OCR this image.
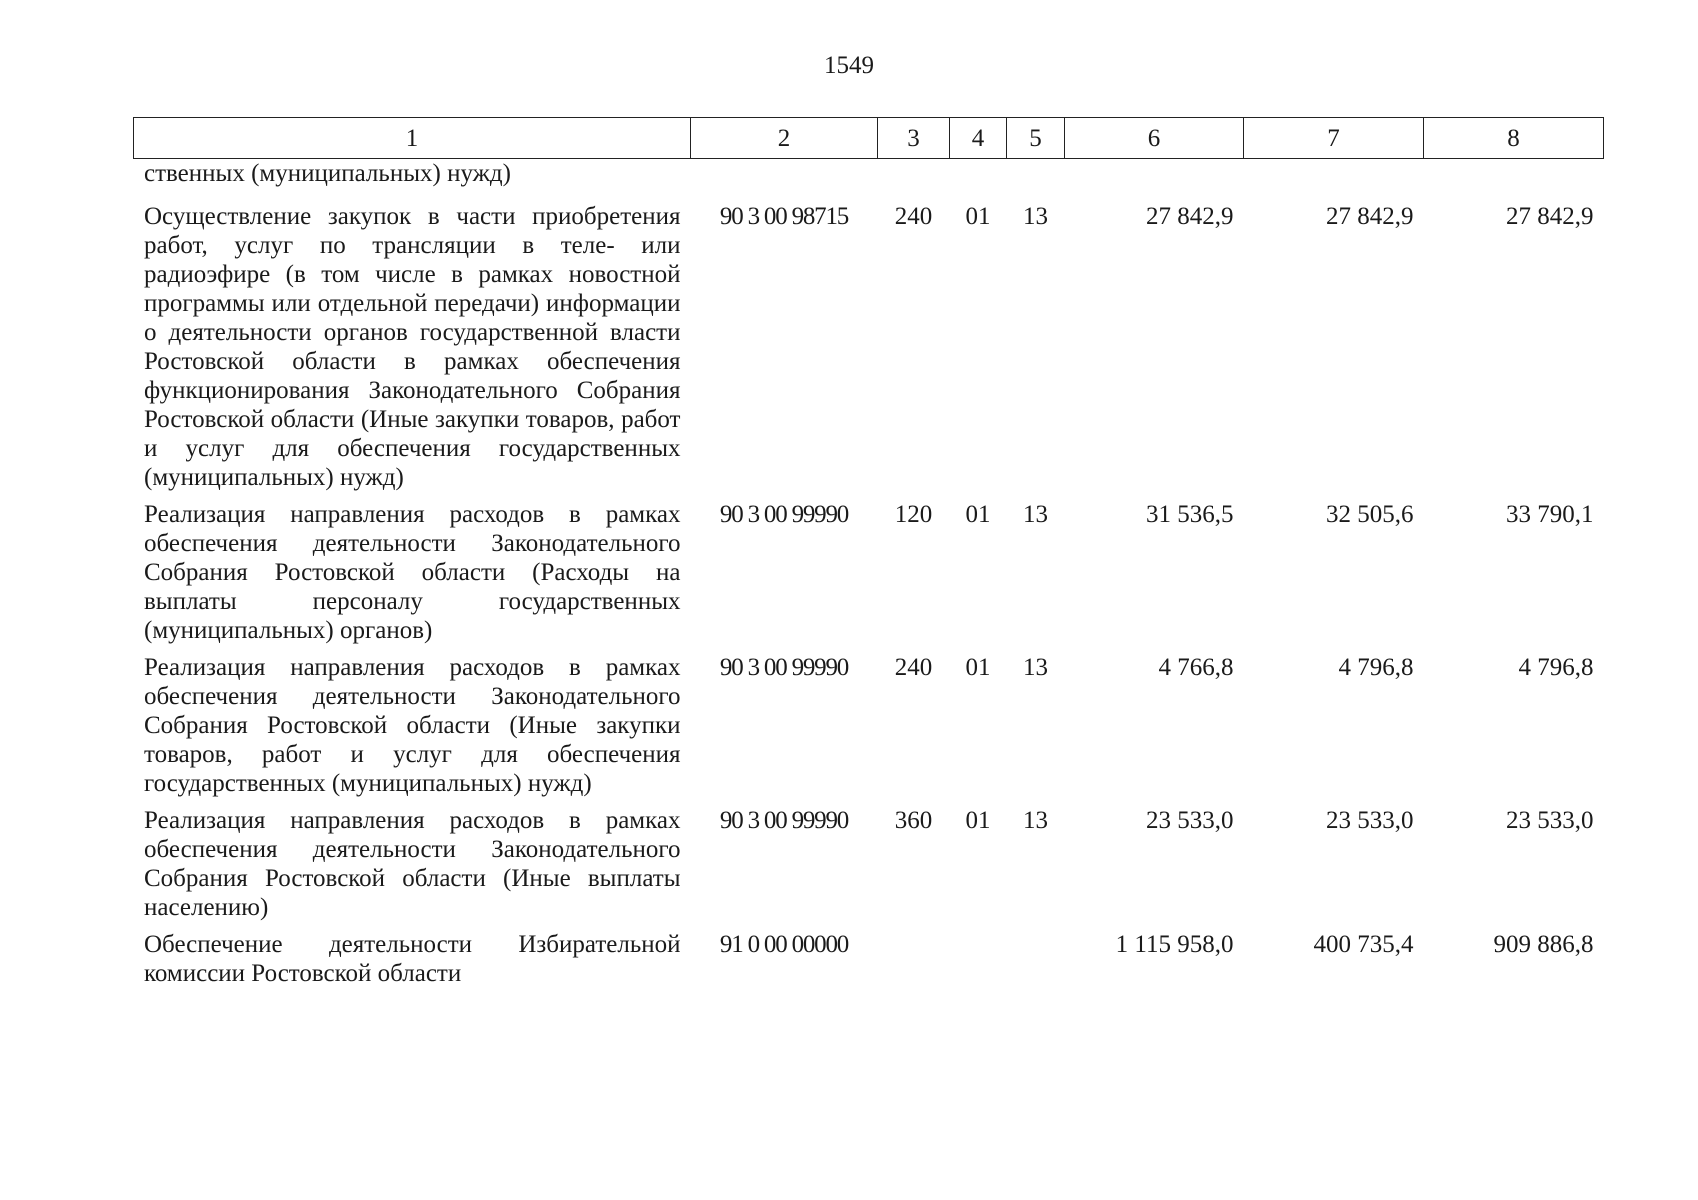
1549
1	2	3	4	5	6	7	8
ственных (муниципальных) нужд)							
Осуществление закупок в части приобретения работ, услуг по трансляции в теле- или радиоэфире (в том числе в рамках новостной программы или отдельной передачи) информации о деятельности органов государственной власти Ростовской области в рамках обеспечения функционирования Законодательного Собрания Ростовской области (Иные закупки товаров, работ и услуг для обеспечения государственных (муниципальных) нужд)	90 3 00 98715	240	01	13	27 842,9	27 842,9	27 842,9
Реализация направления расходов в рамках обеспечения деятельности Законодательного Собрания Ростовской области (Расходы на выплаты персоналу государственных (муниципальных) органов)	90 3 00 99990	120	01	13	31 536,5	32 505,6	33 790,1
Реализация направления расходов в рамках обеспечения деятельности Законодательного Собрания Ростовской области (Иные закупки товаров, работ и услуг для обеспечения государственных (муниципальных) нужд)	90 3 00 99990	240	01	13	4 766,8	4 796,8	4 796,8
Реализация направления расходов в рамках обеспечения деятельности Законодательного Собрания Ростовской области (Иные выплаты населению)	90 3 00 99990	360	01	13	23 533,0	23 533,0	23 533,0
Обеспечение деятельности Избирательной комиссии Ростовской области	91 0 00 00000				1 115 958,0	400 735,4	909 886,8
